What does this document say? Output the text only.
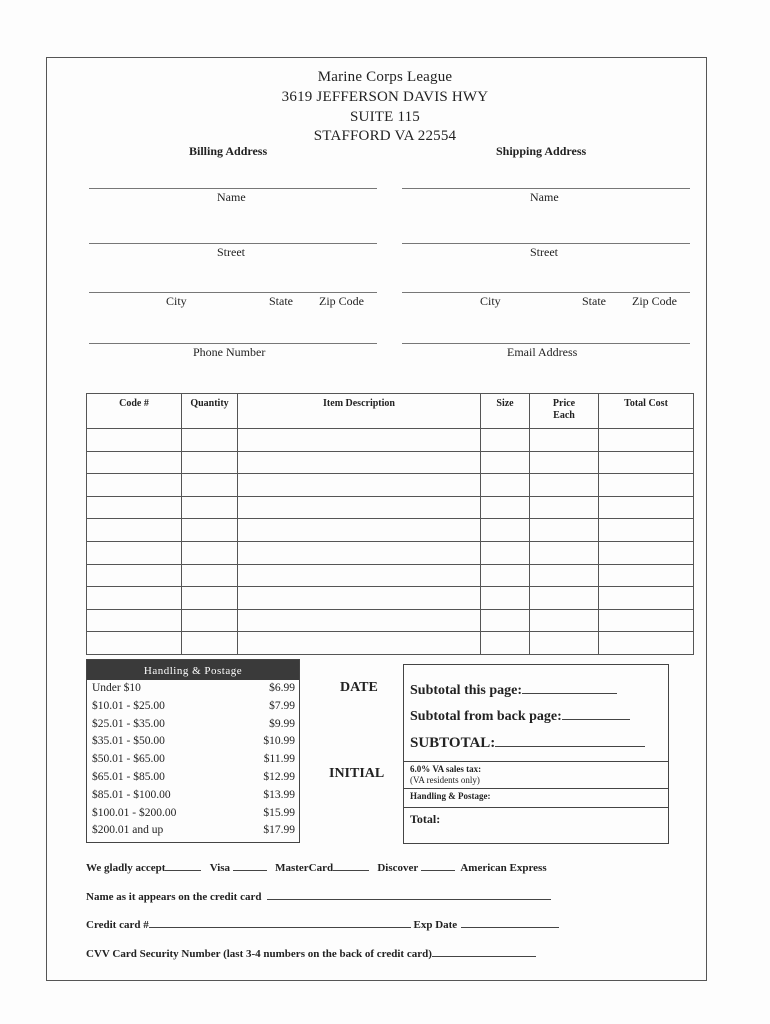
Marine Corps League
3619 JEFFERSON DAVIS HWY
SUITE 115
STAFFORD VA 22554
Billing Address	Shipping Address
Name
Street
City	State Zip Code
Phone Number
Name
Street
City	State Zip Code
Email Address
Code #	Quantity	Item Description	Size	Price Each	Total Cost

Handling & Postage
Under $10	$6.99
$10.01 - $25.00	$7.99
$25.01 - $35.00	$9.99
$35.01 - $50.00	$10.99
$50.01 - $65.00	$11.99
$65.01 - $85.00	$12.99
$85.01 - $100.00	$13.99
$100.01 - $200.00	$15.99
$200.01 and up	$17.99
DATE
INITIAL
Subtotal this page:
Subtotal from back page:
SUBTOTAL:
6.0% VA sales tax:
(VA residents only)
Handling & Postage:
Total:
We gladly accept	Visa	MasterCard	Discover	American Express
Name as it appears on the credit card
Credit card #	Exp Date
CVV Card Security Number (last 3-4 numbers on the back of credit card)
